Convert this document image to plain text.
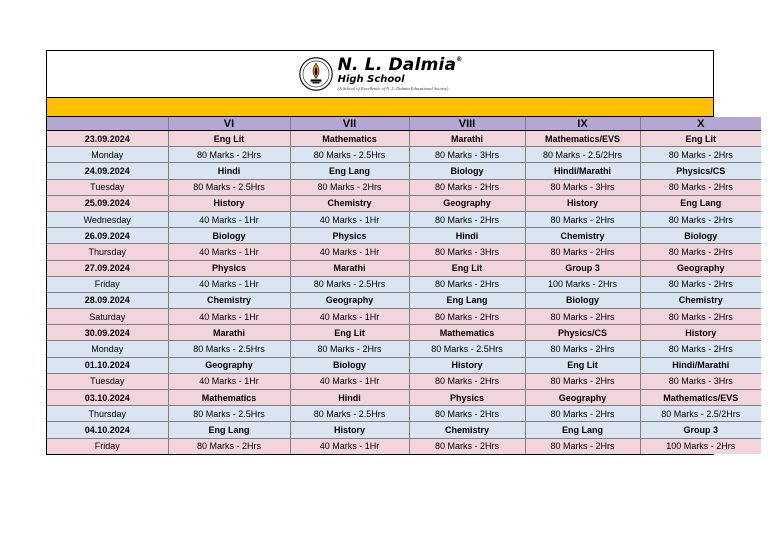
N. L. Dalmia®
High School
(A School of Excellence of N. L. Dalmia Educational Society)
	VI	VII	VIII	IX	X
23.09.2024	Eng Lit	Mathematics	Marathi	Mathematics/EVS	Eng Lit
Monday	80 Marks - 2Hrs	80 Marks - 2.5Hrs	80 Marks - 3Hrs	80 Marks - 2.5/2Hrs	80 Marks - 2Hrs
24.09.2024	Hindi	Eng Lang	Biology	Hindi/Marathi	Physics/CS
Tuesday	80 Marks - 2.5Hrs	80 Marks - 2Hrs	80 Marks - 2Hrs	80 Marks - 3Hrs	80 Marks - 2Hrs
25.09.2024	History	Chemistry	Geography	History	Eng Lang
Wednesday	40 Marks - 1Hr	40 Marks - 1Hr	80 Marks - 2Hrs	80 Marks - 2Hrs	80 Marks - 2Hrs
26.09.2024	Biology	Physics	Hindi	Chemistry	Biology
Thursday	40 Marks - 1Hr	40 Marks - 1Hr	80 Marks - 3Hrs	80 Marks - 2Hrs	80 Marks - 2Hrs
27.09.2024	Physics	Marathi	Eng Lit	Group 3	Geography
Friday	40 Marks - 1Hr	80 Marks - 2.5Hrs	80 Marks - 2Hrs	100 Marks - 2Hrs	80 Marks - 2Hrs
28.09.2024	Chemistry	Geography	Eng Lang	Biology	Chemistry
Saturday	40 Marks - 1Hr	40 Marks - 1Hr	80 Marks - 2Hrs	80 Marks - 2Hrs	80 Marks - 2Hrs
30.09.2024	Marathi	Eng Lit	Mathematics	Physics/CS	History
Monday	80 Marks - 2.5Hrs	80 Marks - 2Hrs	80 Marks - 2.5Hrs	80 Marks - 2Hrs	80 Marks - 2Hrs
01.10.2024	Geography	Biology	History	Eng Lit	Hindi/Marathi
Tuesday	40 Marks - 1Hr	40 Marks - 1Hr	80 Marks - 2Hrs	80 Marks - 2Hrs	80 Marks - 3Hrs
03.10.2024	Mathematics	Hindi	Physics	Geography	Mathematics/EVS
Thursday	80 Marks - 2.5Hrs	80 Marks - 2.5Hrs	80 Marks - 2Hrs	80 Marks - 2Hrs	80 Marks - 2.5/2Hrs
04.10.2024	Eng Lang	History	Chemistry	Eng Lang	Group 3
Friday	80 Marks - 2Hrs	40 Marks - 1Hr	80 Marks - 2Hrs	80 Marks - 2Hrs	100 Marks - 2Hrs
